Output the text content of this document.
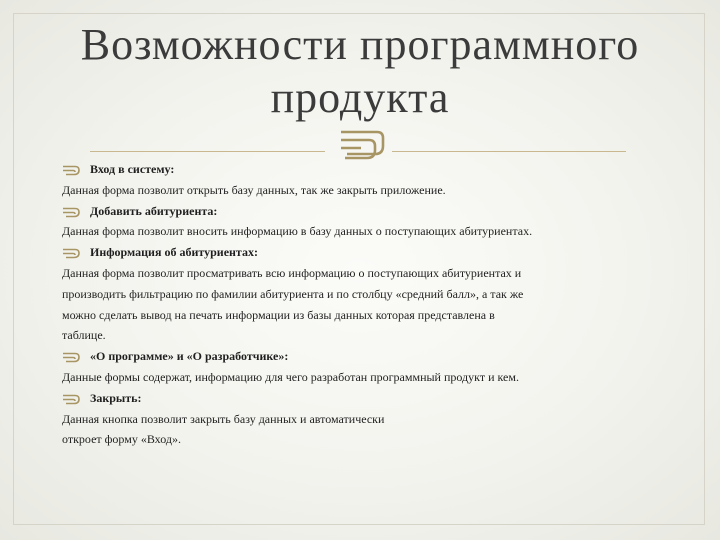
Возможности программного
продукта

Вход в систему:

Данная форма позволит открыть базу данных, так же закрыть приложение.

Добавить абитуриента:

Данная форма позволит вносить информацию в базу данных о поступающих абитуриентах.

Информация об абитуриентах:

Данная форма позволит просматривать всю информацию о поступающих абитуриентах и

производить фильтрацию по фамилии абитуриента и по столбцу «средний балл», а так же

можно сделать вывод на печать информации из базы данных которая представлена в

таблице.

«О программе» и «О разработчике»:

Данные формы содержат, информацию для чего разработан программный продукт и кем.

Закрыть:

Данная кнопка позволит закрыть базу данных и автоматически

откроет форму «Вход».
